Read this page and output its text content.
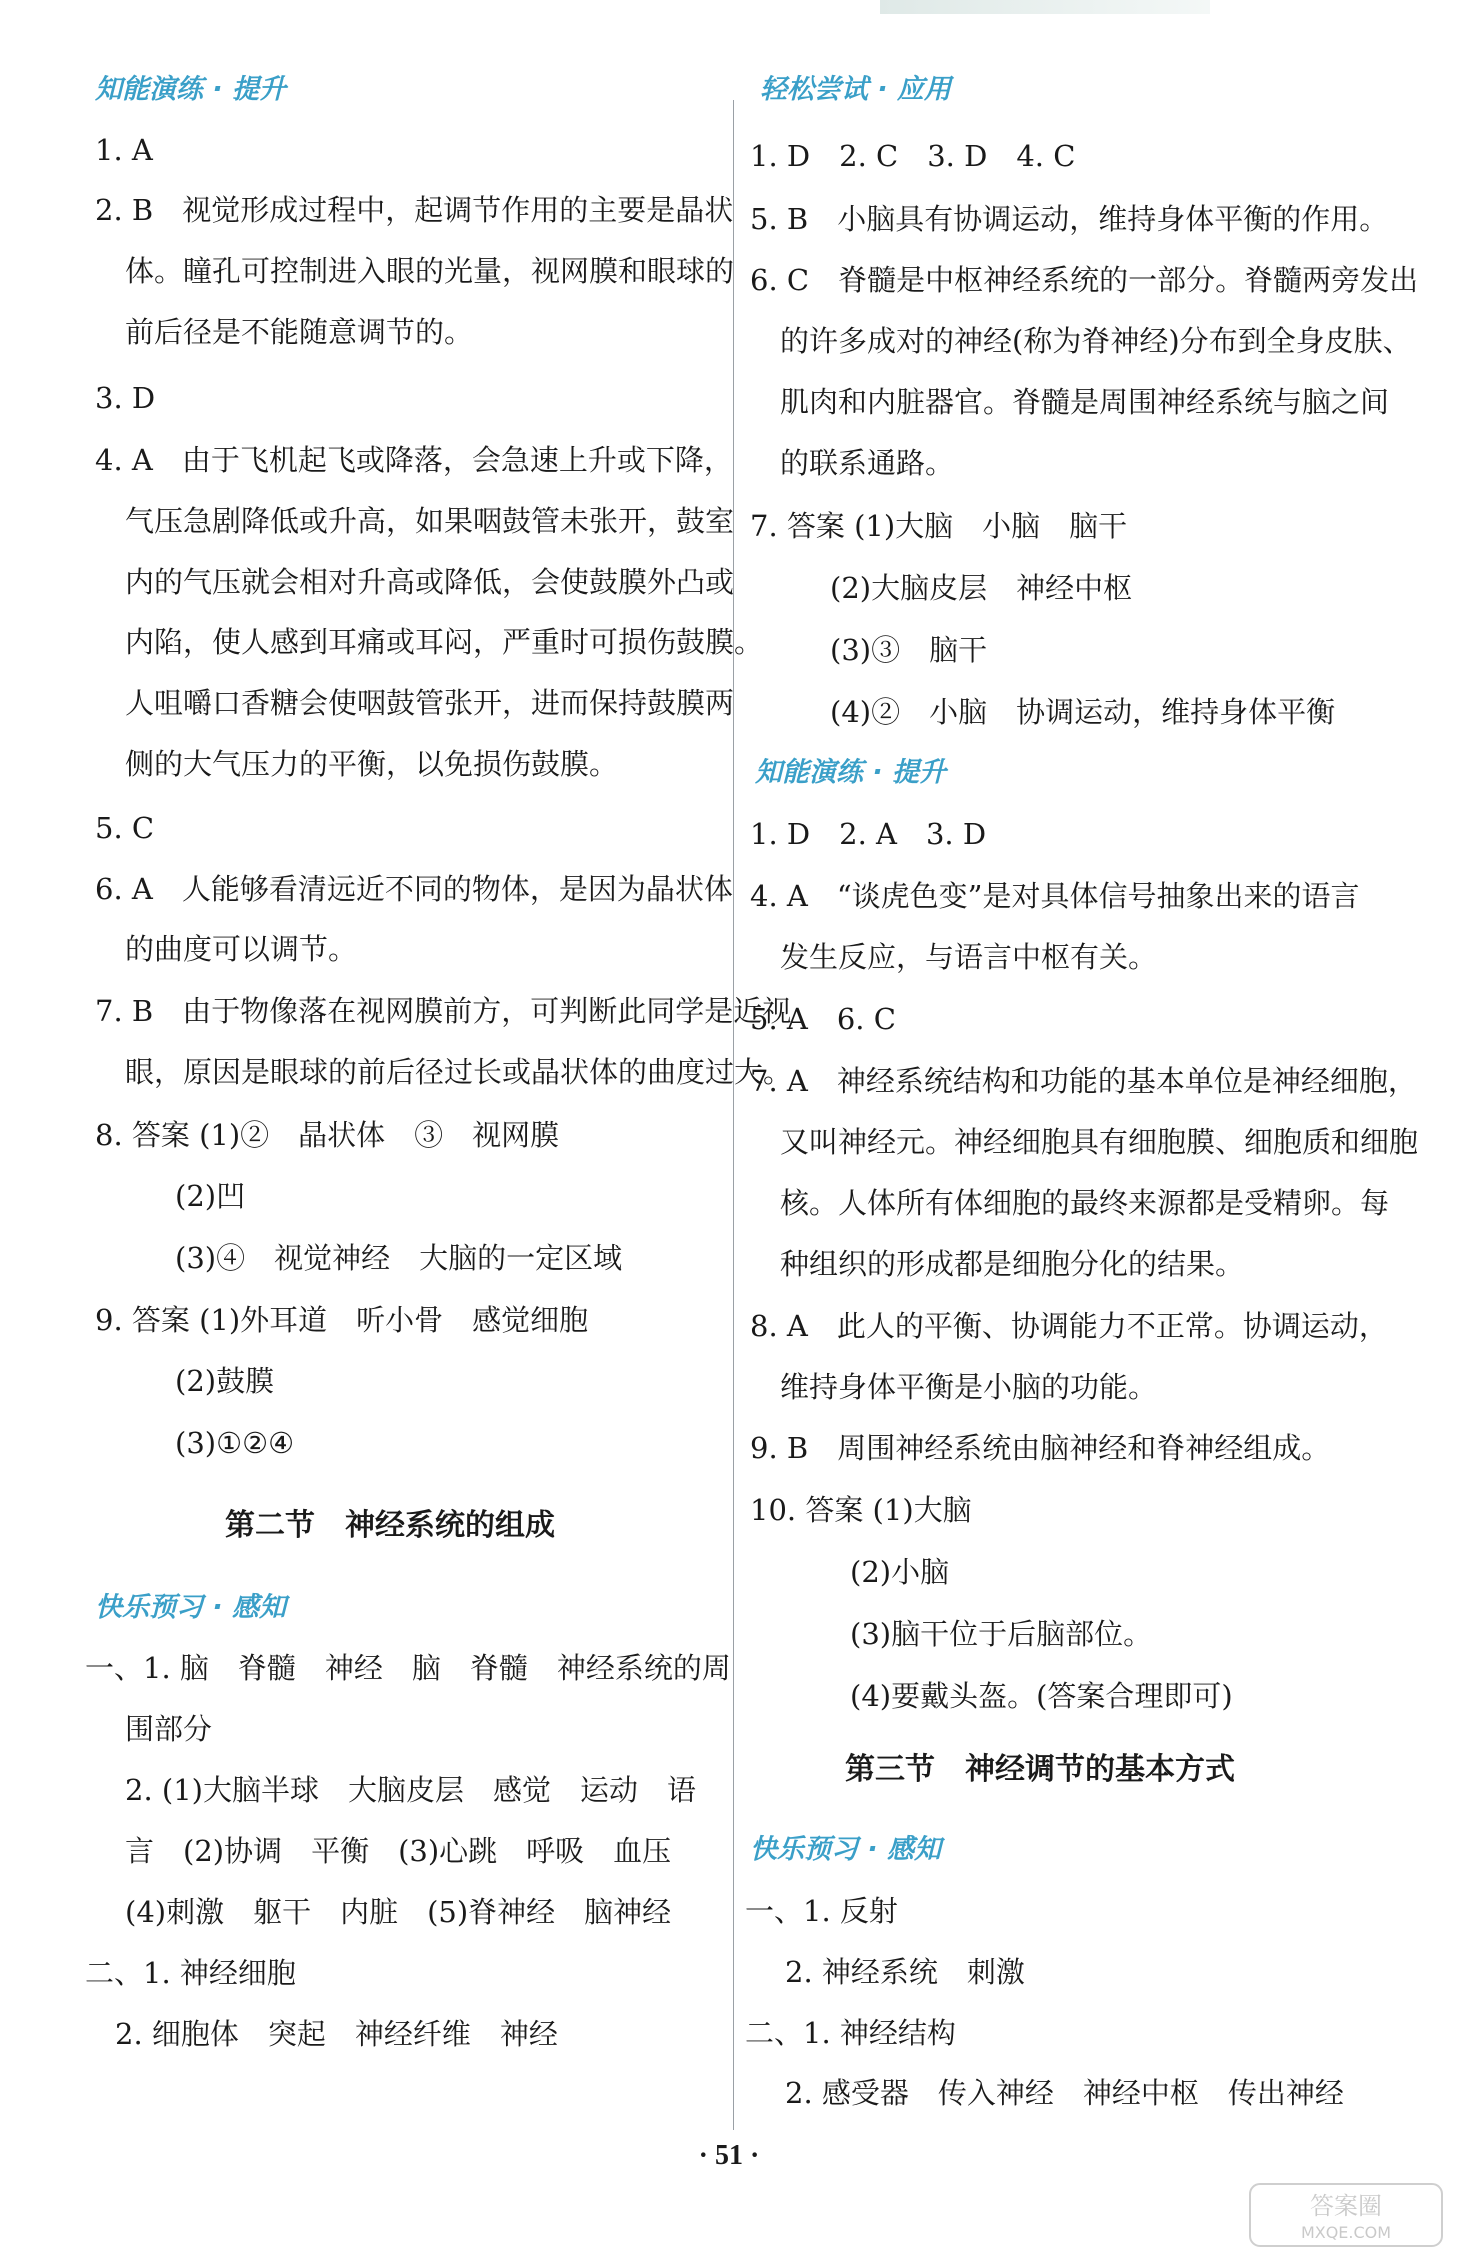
知能演练 · 提升
1. A
2. B　视觉形成过程中，起调节作用的主要是晶状
体。瞳孔可控制进入眼的光量，视网膜和眼球的
前后径是不能随意调节的。
3. D
4. A　由于飞机起飞或降落，会急速上升或下降，
气压急剧降低或升高，如果咽鼓管未张开，鼓室
内的气压就会相对升高或降低，会使鼓膜外凸或
内陷，使人感到耳痛或耳闷，严重时可损伤鼓膜。
人咀嚼口香糖会使咽鼓管张开，进而保持鼓膜两
侧的大气压力的平衡，以免损伤鼓膜。
5. C
6. A　人能够看清远近不同的物体，是因为晶状体
的曲度可以调节。
7. B　由于物像落在视网膜前方，可判断此同学是近视
眼，原因是眼球的前后径过长或晶状体的曲度过大。
8. 答案 (1)②　晶状体　③　视网膜
(2)凹
(3)④　视觉神经　大脑的一定区域
9. 答案 (1)外耳道　听小骨　感觉细胞
(2)鼓膜
(3)①②④
第二节　神经系统的组成
快乐预习 · 感知
一、1. 脑　脊髓　神经　脑　脊髓　神经系统的周
围部分
2. (1)大脑半球　大脑皮层　感觉　运动　语
言　(2)协调　平衡　(3)心跳　呼吸　血压
(4)刺激　躯干　内脏　(5)脊神经　脑神经
二、1. 神经细胞
2. 细胞体　突起　神经纤维　神经
轻松尝试 · 应用
1. D　2. C　3. D　4. C
5. B　小脑具有协调运动，维持身体平衡的作用。
6. C　脊髓是中枢神经系统的一部分。脊髓两旁发出
的许多成对的神经(称为脊神经)分布到全身皮肤、
肌肉和内脏器官。脊髓是周围神经系统与脑之间
的联系通路。
7. 答案 (1)大脑　小脑　脑干
(2)大脑皮层　神经中枢
(3)③　脑干
(4)②　小脑　协调运动，维持身体平衡
知能演练 · 提升
1. D　2. A　3. D
4. A　“谈虎色变”是对具体信号抽象出来的语言
发生反应，与语言中枢有关。
5. A　6. C
7. A　神经系统结构和功能的基本单位是神经细胞，
又叫神经元。神经细胞具有细胞膜、细胞质和细胞
核。人体所有体细胞的最终来源都是受精卵。每
种组织的形成都是细胞分化的结果。
8. A　此人的平衡、协调能力不正常。协调运动，
维持身体平衡是小脑的功能。
9. B　周围神经系统由脑神经和脊神经组成。
10. 答案 (1)大脑
(2)小脑
(3)脑干位于后脑部位。
(4)要戴头盔。(答案合理即可)
第三节　神经调节的基本方式
快乐预习 · 感知
一、1. 反射
2. 神经系统　刺激
二、1. 神经结构
2. 感受器　传入神经　神经中枢　传出神经
· 51 ·
答案圈
MXQE.COM
